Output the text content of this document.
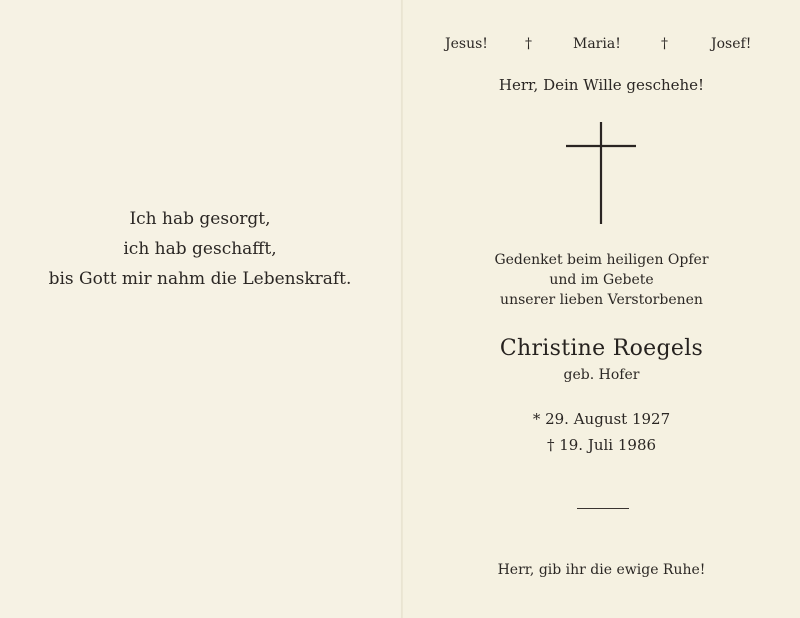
Ich hab gesorgt,
ich hab geschafft,
bis Gott mir nahm die Lebenskraft.
Jesus!	†	Maria!	†	Josef!
Herr, Dein Wille geschehe!
Gedenket beim heiligen Opfer
und im Gebete
unserer lieben Verstorbenen
Christine Roegels
geb. Hofer
* 29. August 1927
† 19. Juli 1986
Herr, gib ihr die ewige Ruhe!
